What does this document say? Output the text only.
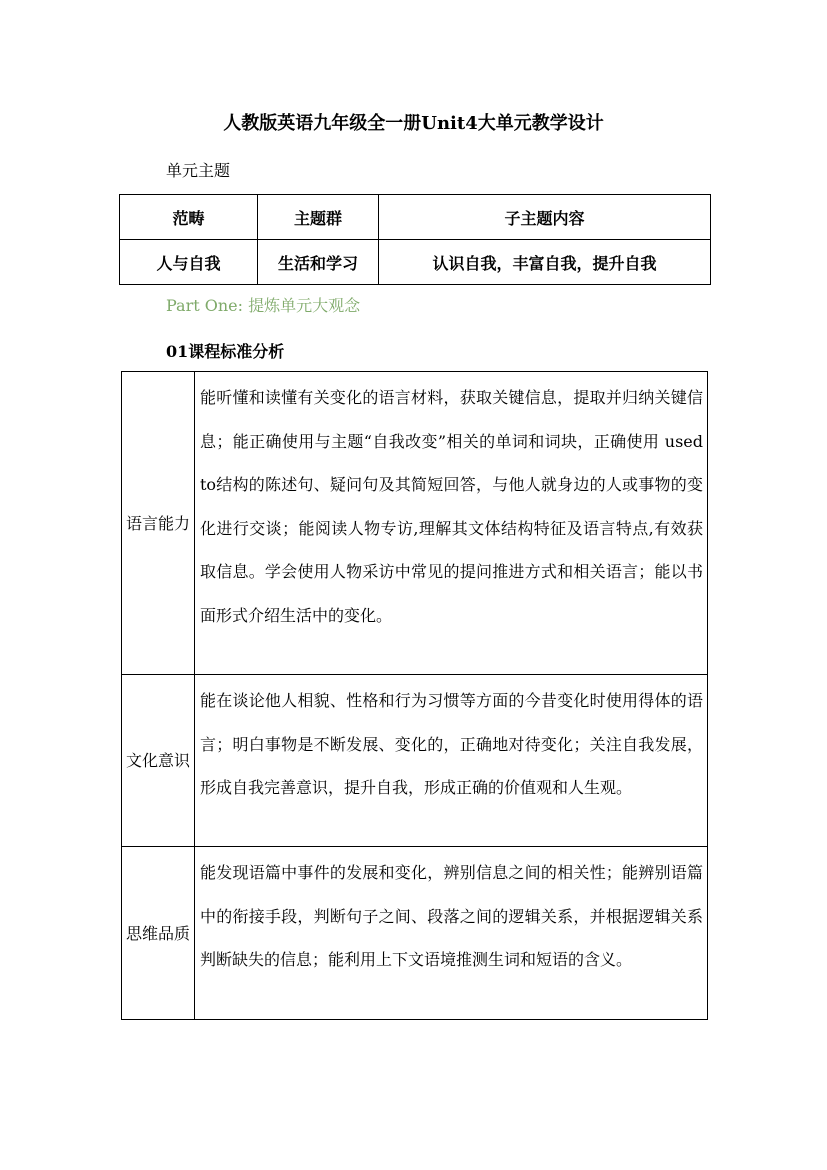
人教版英语九年级全一册Unit4大单元教学设计
单元主题
范畴	主题群	子主题内容
人与自我	生活和学习	认识自我，丰富自我，提升自我
Part One: 提炼单元大观念
01课程标准分析
语言能力	能听懂和读懂有关变化的语言材料，获取关键信息，提取并归纳关键信息；能正确使用与主题“自我改变”相关的单词和词块，正确使用 used to结构的陈述句、疑问句及其简短回答，与他人就身边的人或事物的变化进行交谈；能阅读人物专访,理解其文体结构特征及语言特点,有效获取信息。学会使用人物采访中常见的提问推进方式和相关语言；能以书面形式介绍生活中的变化。
文化意识	能在谈论他人相貌、性格和行为习惯等方面的今昔变化时使用得体的语言；明白事物是不断发展、变化的，正确地对待变化；关注自我发展，形成自我完善意识，提升自我，形成正确的价值观和人生观。
思维品质	能发现语篇中事件的发展和变化，辨别信息之间的相关性；能辨别语篇中的衔接手段，判断句子之间、段落之间的逻辑关系，并根据逻辑关系判断缺失的信息；能利用上下文语境推测生词和短语的含义。
